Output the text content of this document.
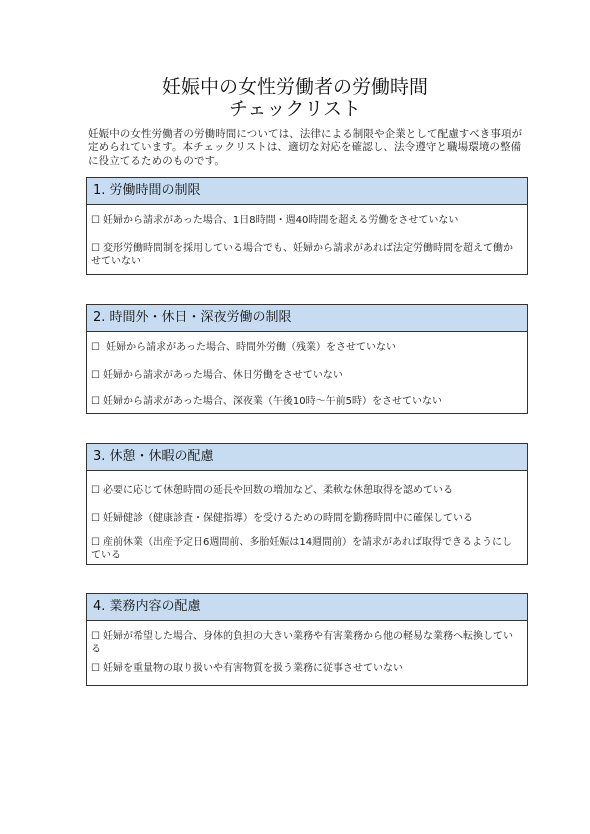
妊娠中の女性労働者の労働時間
チェックリスト
妊娠中の女性労働者の労働時間については、法律による制限や企業として配慮すべき事項が定められています。本チェックリストは、適切な対応を確認し、法令遵守と職場環境の整備に役立てるためのものです。
1. 労働時間の制限
☐ 妊婦から請求があった場合、1日8時間・週40時間を超える労働をさせていない
☐ 変形労働時間制を採用している場合でも、妊婦から請求があれば法定労働時間を超えて働かせていない
2. 時間外・休日・深夜労働の制限
☐ 妊婦から請求があった場合、時間外労働（残業）をさせていない
☐ 妊婦から請求があった場合、休日労働をさせていない
☐ 妊婦から請求があった場合、深夜業（午後10時〜午前5時）をさせていない
3. 休憩・休暇の配慮
☐ 必要に応じて休憩時間の延長や回数の増加など、柔軟な休憩取得を認めている
☐ 妊婦健診（健康診査・保健指導）を受けるための時間を勤務時間中に確保している
☐ 産前休業（出産予定日6週間前、多胎妊娠は14週間前）を請求があれば取得できるようにしている
4. 業務内容の配慮
☐ 妊婦が希望した場合、身体的負担の大きい業務や有害業務から他の軽易な業務へ転換している
☐ 妊婦を重量物の取り扱いや有害物質を扱う業務に従事させていない
